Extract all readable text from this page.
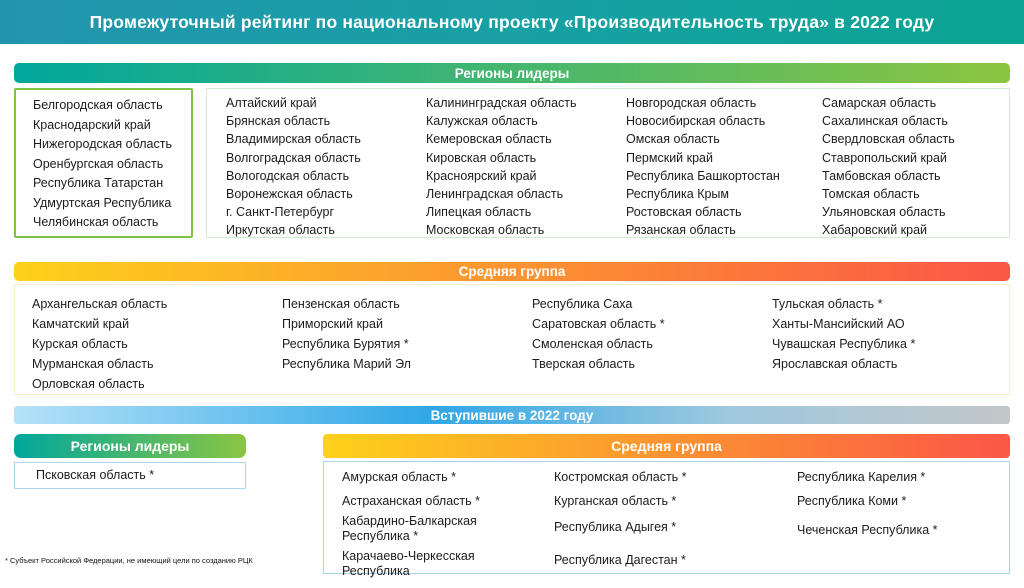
Промежуточный рейтинг по национальному проекту «Производительность труда» в 2022 году
Регионы лидеры
Белгородская область
Краснодарский край
Нижегородская область
Оренбургская область
Республика Татарстан
Удмуртская Республика
Челябинская область
Алтайский край
Брянская область
Владимирская область
Волгоградская область
Вологодская область
Воронежская область
г. Санкт-Петербург
Иркутская область
Калининградская область
Калужская область
Кемеровская область
Кировская область
Красноярский край
Ленинградская область
Липецкая область
Московская область
Новгородская область
Новосибирская область
Омская область
Пермский край
Республика Башкортостан
Республика Крым
Ростовская область
Рязанская область
Самарская область
Сахалинская область
Свердловская область
Ставропольский край
Тамбовская область
Томская область
Ульяновская область
Хабаровский край
Средняя группа
Архангельская область
Камчатский край
Курская область
Мурманская область
Орловская область
Пензенская область
Приморский край
Республика Бурятия *
Республика Марий Эл
Республика Саха
Саратовская область *
Смоленская область
Тверская область
Тульская область *
Ханты-Мансийский АО
Чувашская Республика *
Ярославская область
Вступившие в 2022 году
Регионы лидеры
Псковская область *
Средняя группа
Амурская область *
Астраханская область *
Кабардино-Балкарская Республика *
Карачаево-Черкесская Республика
Костромская область *
Курганская область *
Республика Адыгея *
Республика Дагестан *
Республика Карелия *
Республика Коми *
Чеченская Республика *
* Субъект Российской Федерации, не имеющий цели по созданию РЦК
